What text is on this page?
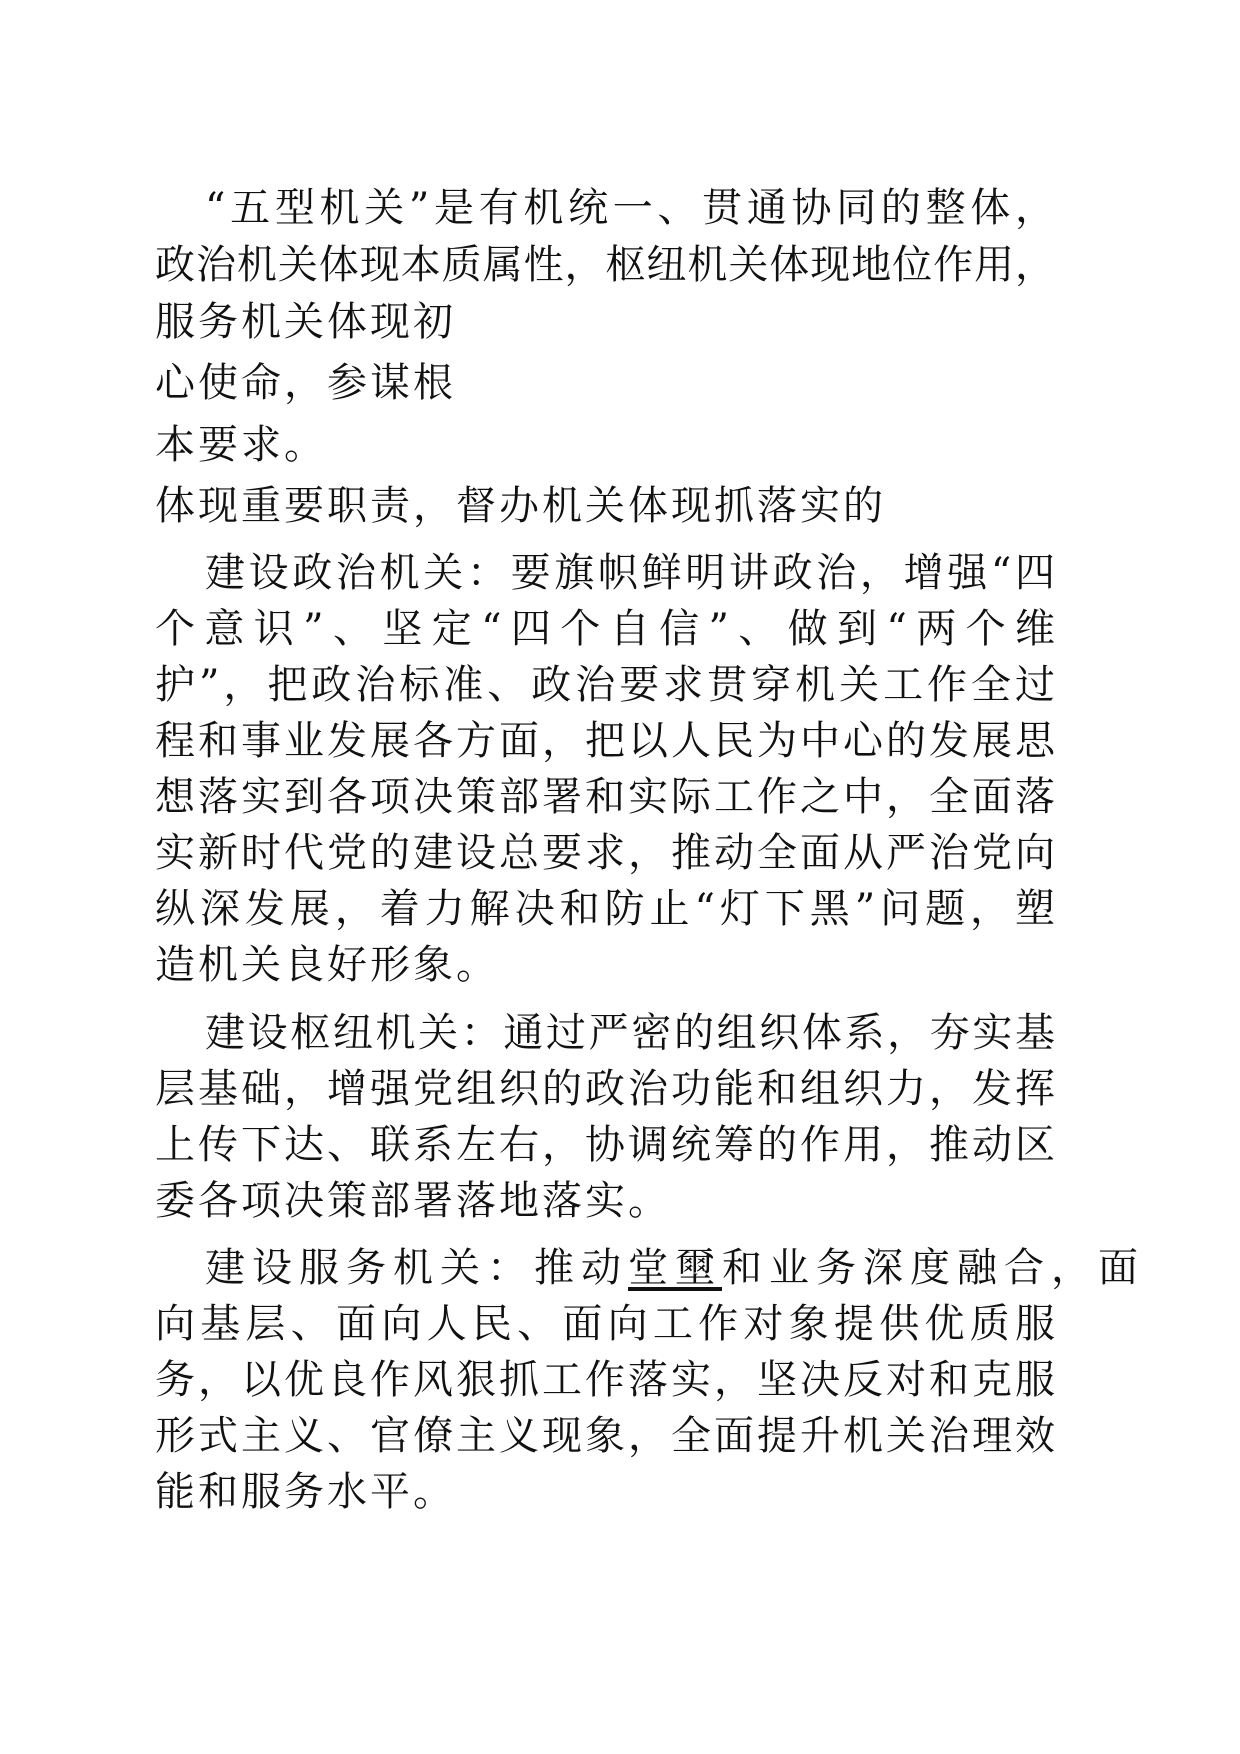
“五型机关”是有机统一、贯通协同的整体，
政治机关体现本质属性，枢纽机关体现地位作用，
服务机关体现初
心使命，参谋根
本要求。
体现重要职责，督办机关体现抓落实的
建设政治机关：要旗帜鲜明讲政治，增强“四
个意识”、坚定“四个自信”、做到“两个维
护”，把政治标准、政治要求贯穿机关工作全过
程和事业发展各方面，把以人民为中心的发展思
想落实到各项决策部署和实际工作之中，全面落
实新时代党的建设总要求，推动全面从严治党向
纵深发展，着力解决和防止“灯下黑”问题，塑
造机关良好形象。
建设枢纽机关：通过严密的组织体系，夯实基
层基础，增强党组织的政治功能和组织力，发挥
上传下达、联系左右，协调统筹的作用，推动区
委各项决策部署落地落实。
建设服务机关：推动堂壐和业务深度融合，面
向基层、面向人民、面向工作对象提供优质服
务，以优良作风狠抓工作落实，坚决反对和克服
形式主义、官僚主义现象，全面提升机关治理效
能和服务水平。
